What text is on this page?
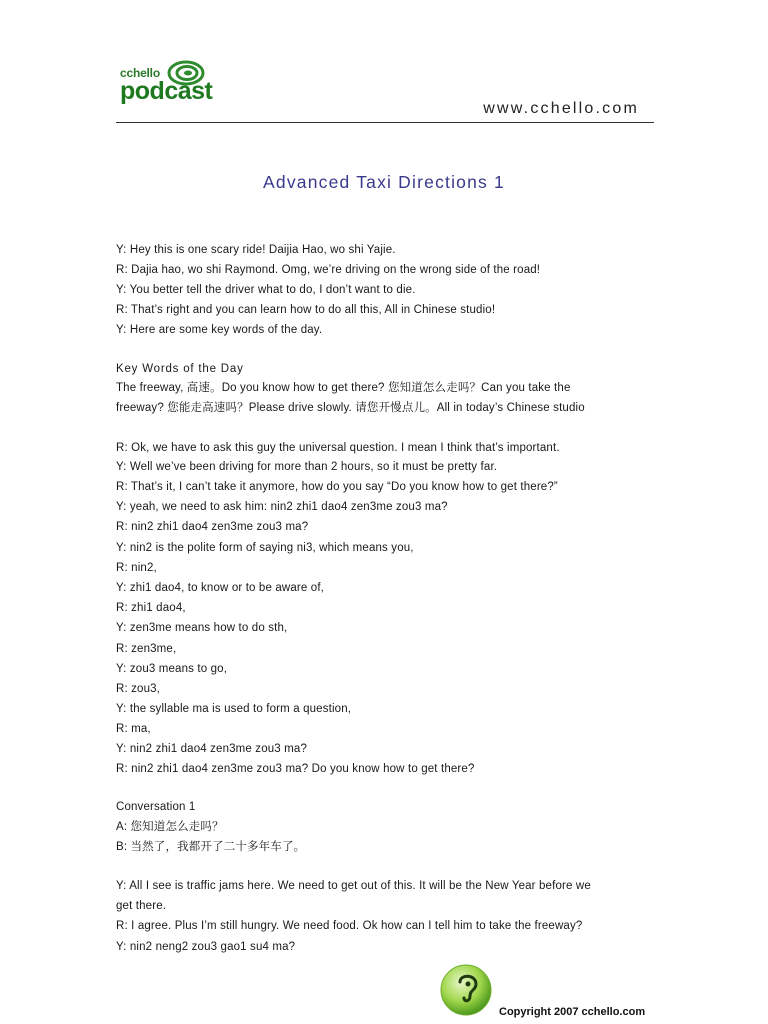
cchello
podcast
www.cchello.com
Advanced Taxi Directions 1
Y: Hey this is one scary ride! Daijia Hao, wo shi Yajie.
R: Dajia hao, wo shi Raymond. Omg, we’re driving on the wrong side of the road!
Y: You better tell the driver what to do, I don’t want to die.
R: That’s right and you can learn how to do all this, All in Chinese studio!
Y: Here are some key words of the day.
Key Words of the Day
The freeway, 高速。Do you know how to get there? 您知道怎么走吗？Can you take the
freeway? 您能走高速吗？Please drive slowly. 请您开慢点儿。All in today’s Chinese studio
R: Ok, we have to ask this guy the universal question. I mean I think that’s important.
Y: Well we’ve been driving for more than 2 hours, so it must be pretty far.
R: That’s it, I can’t take it anymore, how do you say “Do you know how to get there?”
Y: yeah, we need to ask him: nin2 zhi1 dao4 zen3me zou3 ma?
R: nin2 zhi1 dao4 zen3me zou3 ma?
Y: nin2 is the polite form of saying ni3, which means you,
R: nin2,
Y: zhi1 dao4, to know or to be aware of,
R: zhi1 dao4,
Y: zen3me means how to do sth,
R: zen3me,
Y: zou3 means to go,
R: zou3,
Y: the syllable ma is used to form a question,
R: ma,
Y: nin2 zhi1 dao4 zen3me zou3 ma?
R: nin2 zhi1 dao4 zen3me zou3 ma? Do you know how to get there?
Conversation 1
A: 您知道怎么走吗？
B: 当然了，我都开了二十多年车了。
Y: All I see is traffic jams here. We need to get out of this. It will be the New Year before we
get there.
R: I agree. Plus I’m still hungry. We need food. Ok how can I tell him to take the freeway?
Y: nin2 neng2 zou3 gao1 su4 ma?
Copyright 2007 cchello.com
